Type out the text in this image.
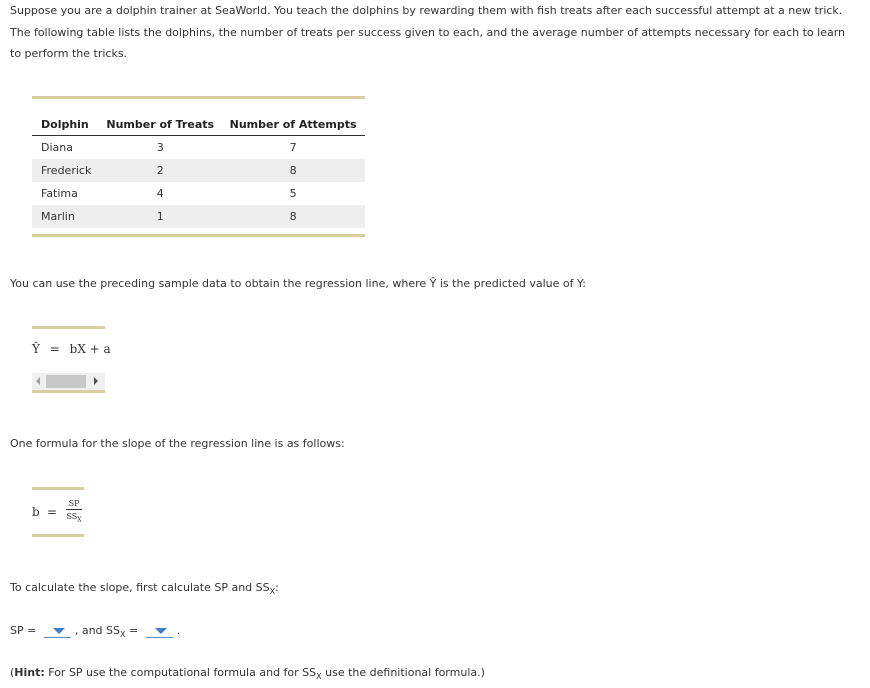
Suppose you are a dolphin trainer at SeaWorld. You teach the dolphins by rewarding them with fish treats after each successful attempt at a new trick. The following table lists the dolphins, the number of treats per success given to each, and the average number of attempts necessary for each to learn to perform the tricks.

Dolphin	Number of Treats	Number of Attempts
Diana	3	7
Frederick	2	8
Fatima	4	5
Marlin	1	8

You can use the preceding sample data to obtain the regression line, where Ŷ is the predicted value of Y:

Ŷ = bX + a

One formula for the slope of the regression line is as follows:

b =
SP
$SS_X$

To calculate the slope, first calculate SP and $SS_X$:

SP =	, and $SS_X$ =	.

(Hint: For SP use the computational formula and for $SS_X$ use the definitional formula.)
